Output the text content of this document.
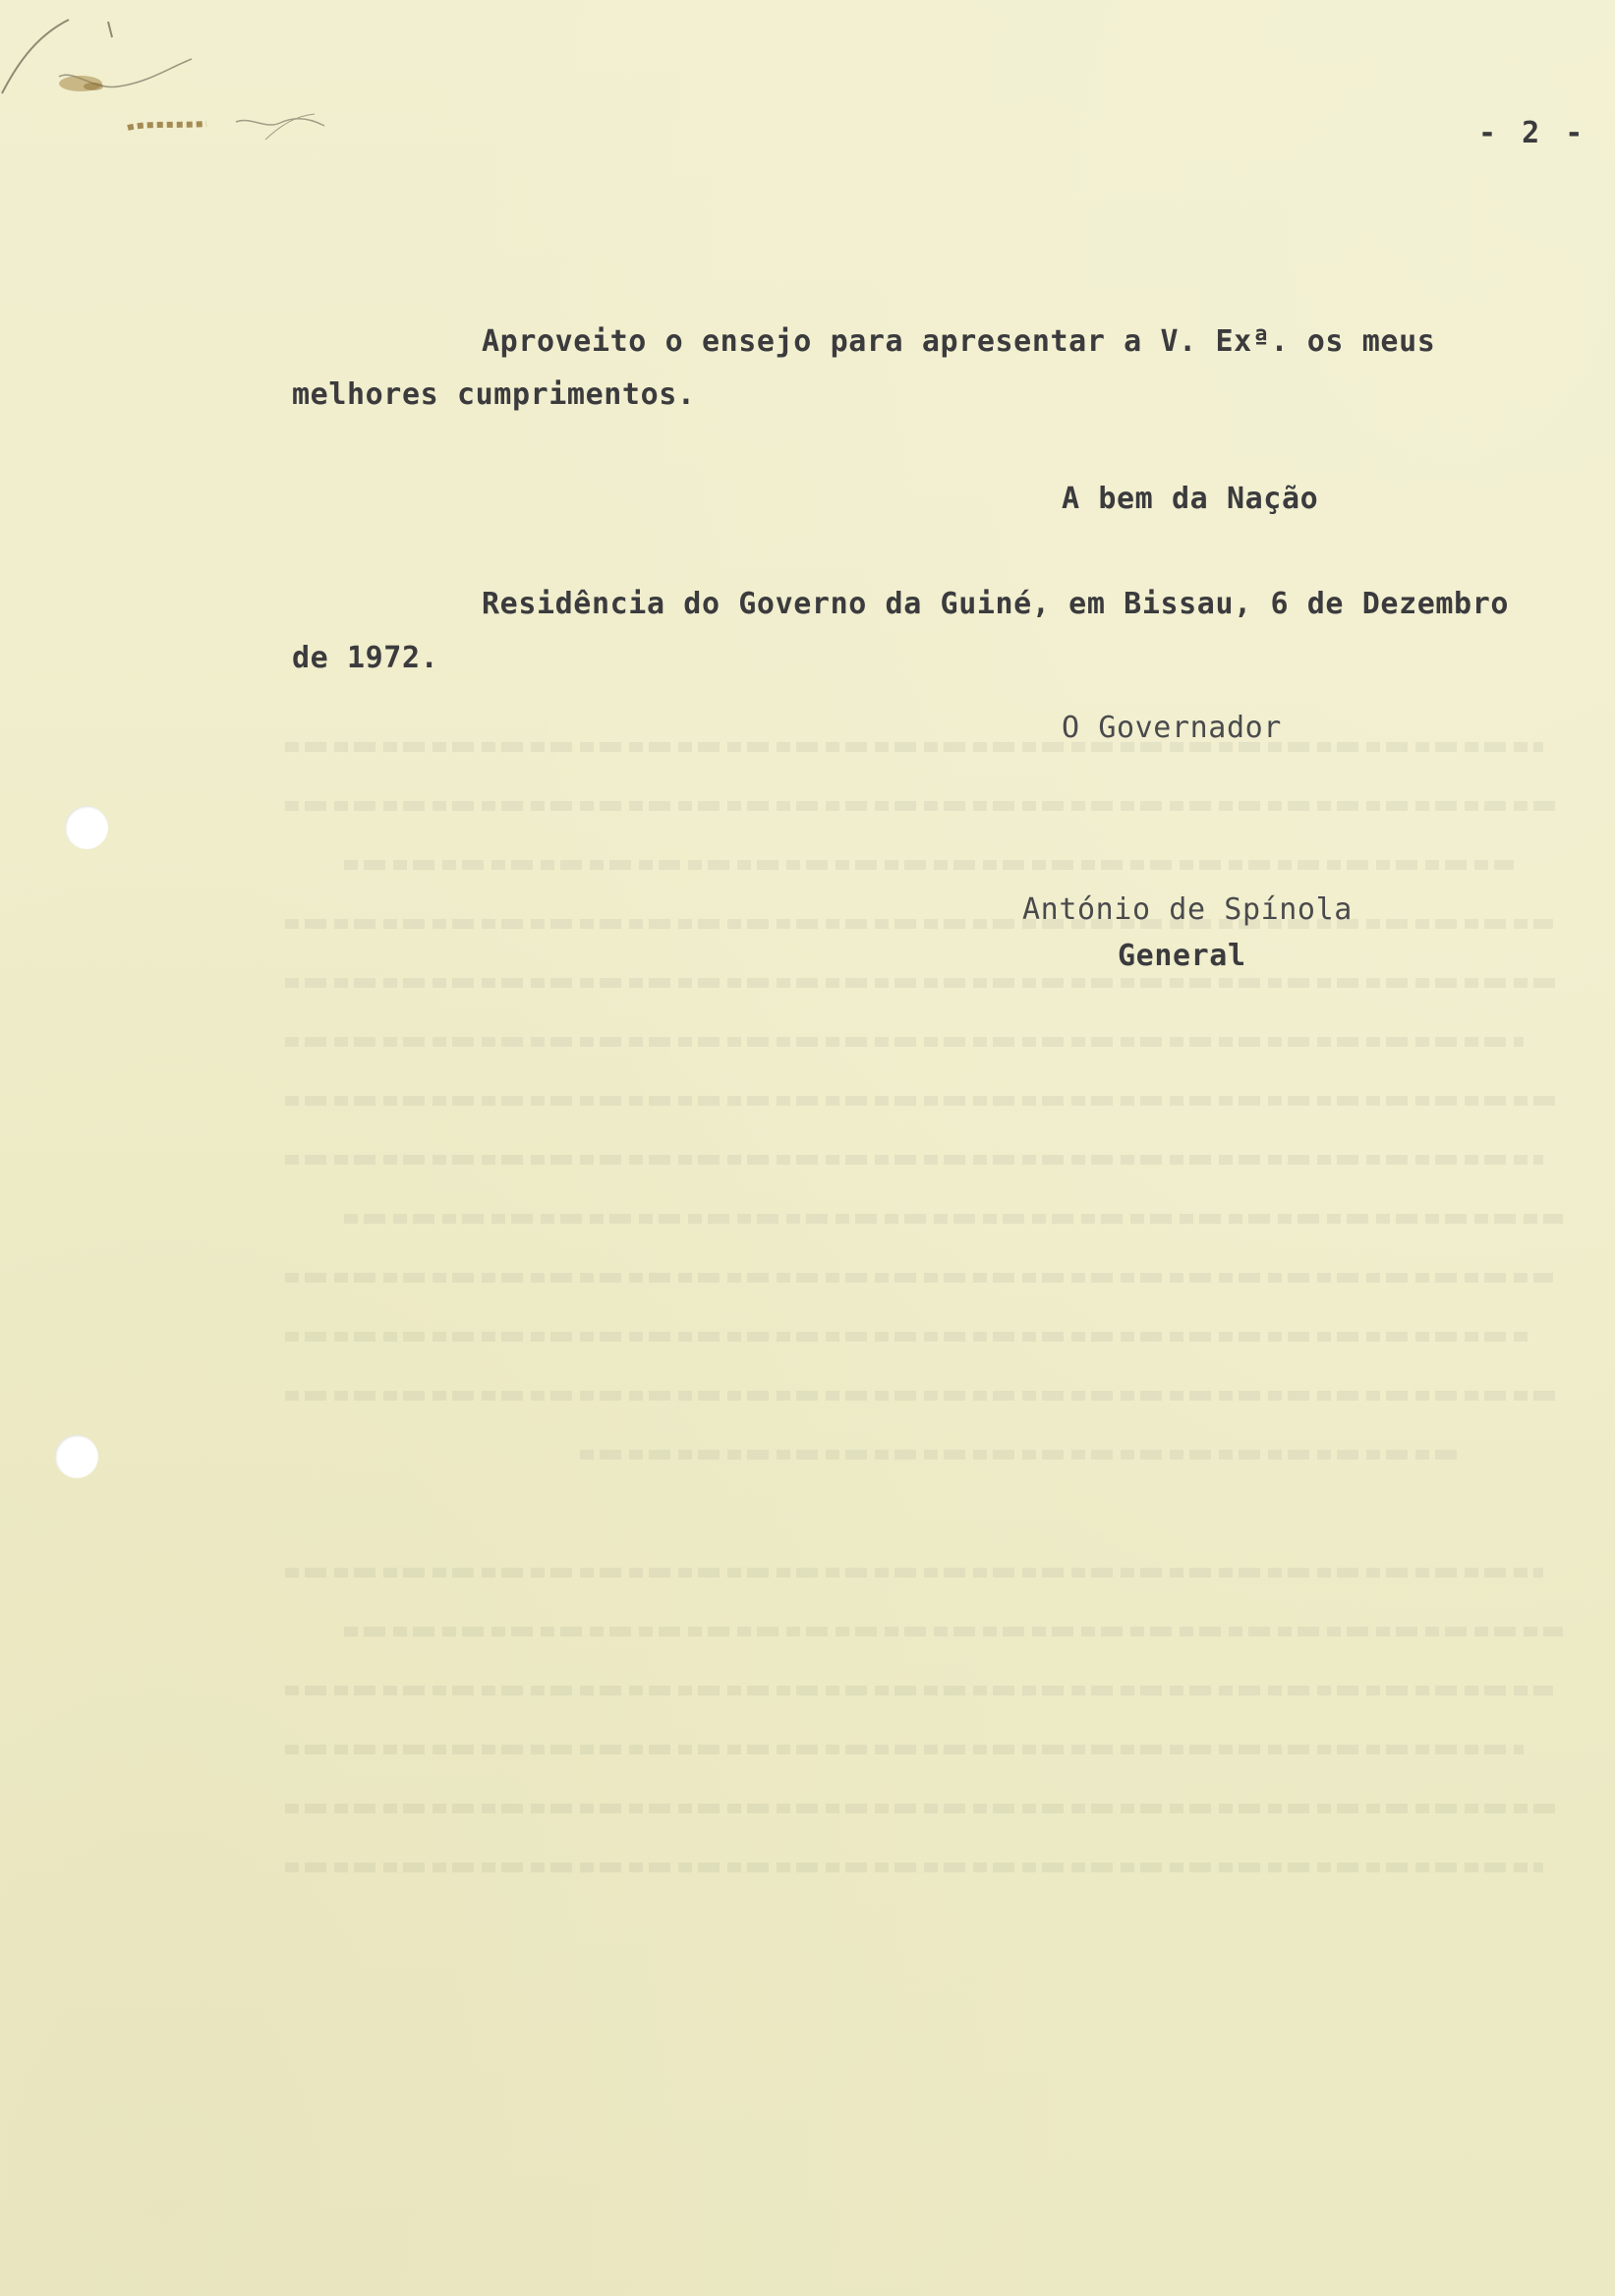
- 2 -
Aproveito o ensejo para apresentar a V. Exª. os meus
melhores cumprimentos.
A bem da Nação
Residência do Governo da Guiné, em Bissau, 6 de Dezembro
de 1972.
O Governador
António de Spínola
General
